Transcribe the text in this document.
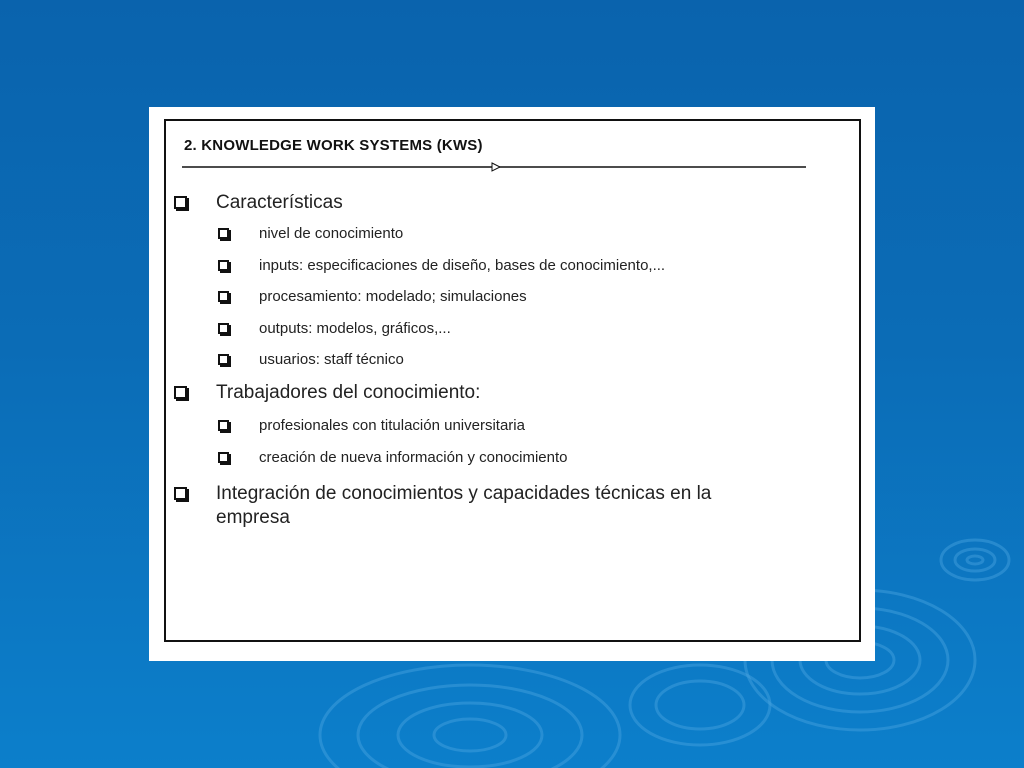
2. KNOWLEDGE WORK SYSTEMS (KWS)
Características
nivel de conocimiento
inputs: especificaciones de diseño, bases de conocimiento,...
procesamiento: modelado; simulaciones
outputs: modelos, gráficos,...
usuarios: staff técnico
Trabajadores del conocimiento:
profesionales con titulación universitaria
creación de nueva información y conocimiento
Integración de conocimientos y capacidades técnicas en la empresa
